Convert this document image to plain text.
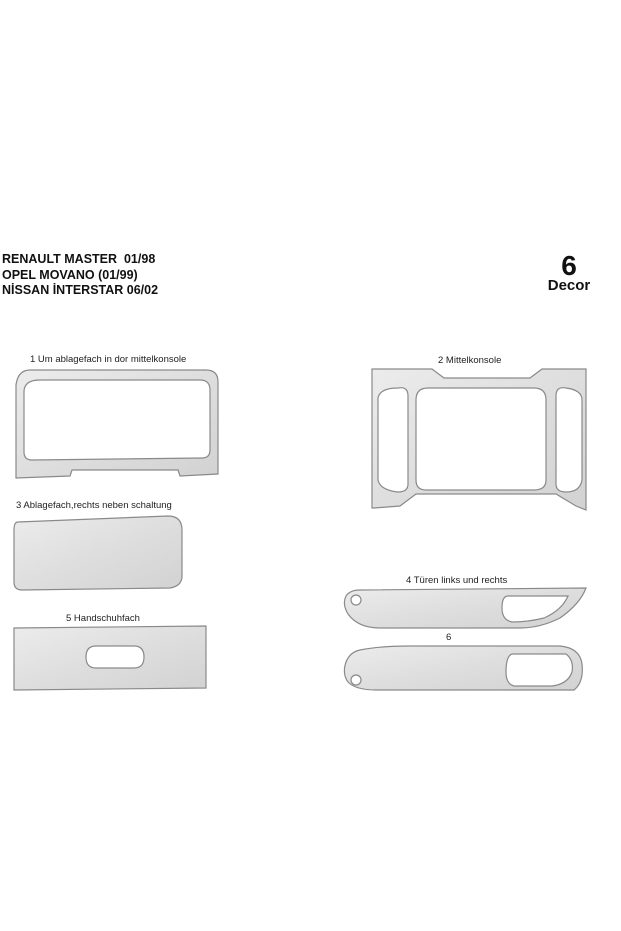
RENAULT MASTER  01/98
OPEL MOVANO (01/99)
NİSSAN İNTERSTAR 06/02
6
Decor
1 Um ablagefach in dor mittelkonsole	2 Mittelkonsole
3 Ablagefach,rechts neben schaltung
4 Türen links und rechts
5 Handschuhfach
6
